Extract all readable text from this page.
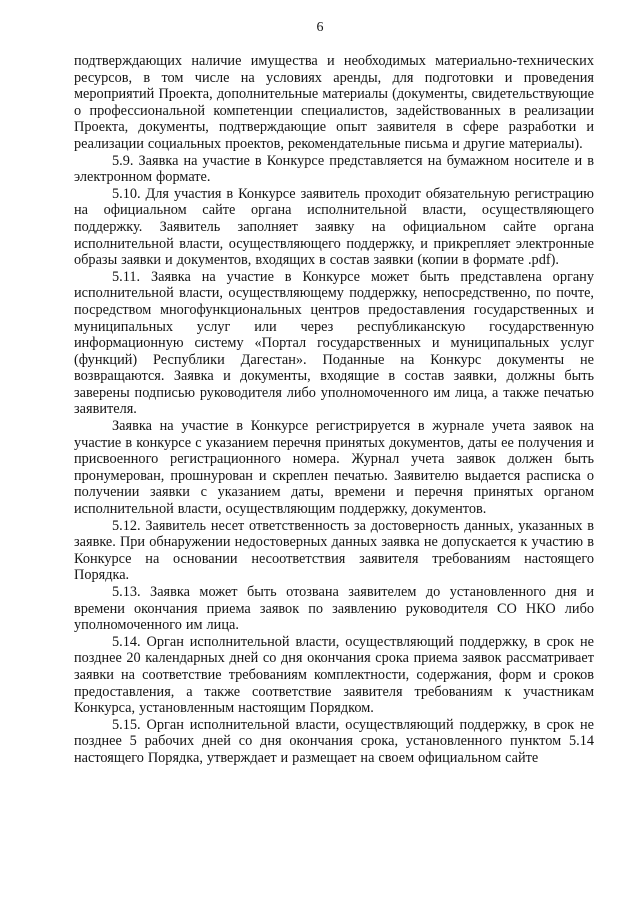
6

подтверждающих наличие имущества и необходимых материально-технических ресурсов, в том числе на условиях аренды, для подготовки и проведения мероприятий Проекта, дополнительные материалы (документы, свидетельствующие о профессиональной компетенции специалистов, задействованных в реализации Проекта, документы, подтверждающие опыт заявителя в сфере разработки и реализации социальных проектов, рекомендательные письма и другие материалы).

5.9. Заявка на участие в Конкурсе представляется на бумажном носителе и в электронном формате.

5.10. Для участия в Конкурсе заявитель проходит обязательную регистрацию на официальном сайте органа исполнительной власти, осуществляющего поддержку. Заявитель заполняет заявку на официальном сайте органа исполнительной власти, осуществляющего поддержку, и прикрепляет электронные образы заявки и документов, входящих в состав заявки (копии в формате .pdf).

5.11. Заявка на участие в Конкурсе может быть представлена органу исполнительной власти, осуществляющему поддержку, непосредственно, по почте, посредством многофункциональных центров предоставления государственных и муниципальных услуг или через республиканскую государственную информационную систему «Портал государственных и муниципальных услуг (функций) Республики Дагестан». Поданные на Конкурс документы не возвращаются. Заявка и документы, входящие в состав заявки, должны быть заверены подписью руководителя либо уполномоченного им лица, а также печатью заявителя.

Заявка на участие в Конкурсе регистрируется в журнале учета заявок на участие в конкурсе с указанием перечня принятых документов, даты ее получения и присвоенного регистрационного номера. Журнал учета заявок должен быть пронумерован, прошнурован и скреплен печатью. Заявителю выдается расписка о получении заявки с указанием даты, времени и перечня принятых органом исполнительной власти, осуществляющим поддержку, документов.

5.12. Заявитель несет ответственность за достоверность данных, указанных в заявке. При обнаружении недостоверных данных заявка не допускается к участию в Конкурсе на основании несоответствия заявителя требованиям настоящего Порядка.

5.13. Заявка может быть отозвана заявителем до установленного дня и времени окончания приема заявок по заявлению руководителя СО НКО либо уполномоченного им лица.

5.14. Орган исполнительной власти, осуществляющий поддержку, в срок не позднее 20 календарных дней со дня окончания срока приема заявок рассматривает заявки на соответствие требованиям комплектности, содержания, форм и сроков предоставления, а также соответствие заявителя требованиям к участникам Конкурса, установленным настоящим Порядком.

5.15. Орган исполнительной власти, осуществляющий поддержку, в срок не позднее 5 рабочих дней со дня окончания срока, установленного пунктом 5.14 настоящего Порядка, утверждает и размещает на своем официальном сайте
